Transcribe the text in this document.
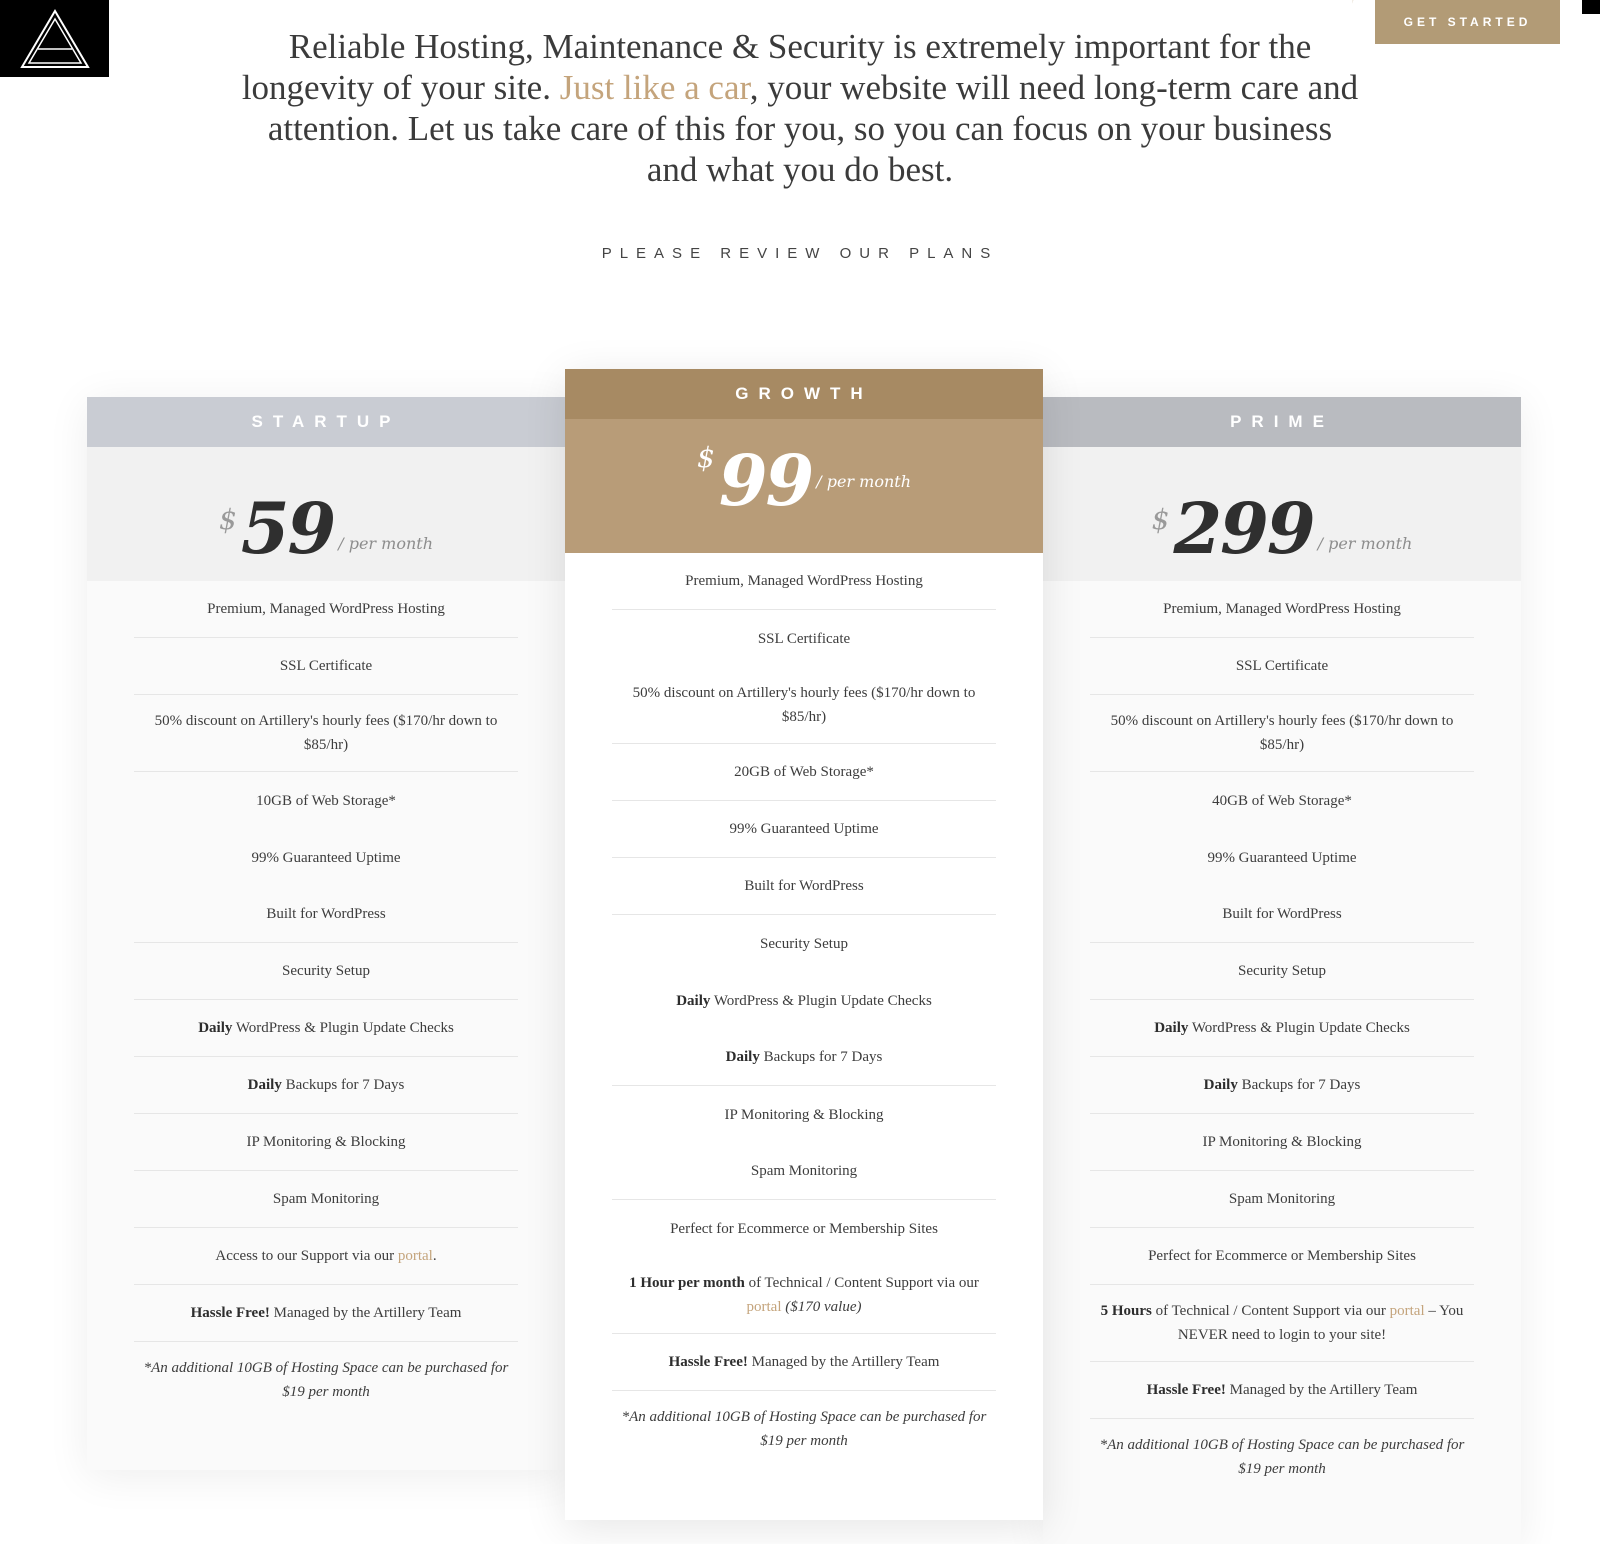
GET STARTED

Reliable Hosting, Maintenance & Security is extremely important for the longevity of your site. Just like a car, your website will need long-term care and attention. Let us take care of this for you, so you can focus on your business and what you do best.

PLEASE REVIEW OUR PLANS
STARTUP
$ 59 / per month
Premium, Managed WordPress Hosting
SSL Certificate
50% discount on Artillery's hourly fees ($170/hr down to $85/hr)
10GB of Web Storage*
99% Guaranteed Uptime
Built for WordPress
Security Setup
Daily WordPress & Plugin Update Checks
Daily Backups for 7 Days
IP Monitoring & Blocking
Spam Monitoring
Access to our Support via our portal.
Hassle Free! Managed by the Artillery Team
*An additional 10GB of Hosting Space can be purchased for $19 per month
GROWTH
$ 99 / per month
Premium, Managed WordPress Hosting
SSL Certificate
50% discount on Artillery's hourly fees ($170/hr down to $85/hr)
20GB of Web Storage*
99% Guaranteed Uptime
Built for WordPress
Security Setup
Daily WordPress & Plugin Update Checks
Daily Backups for 7 Days
IP Monitoring & Blocking
Spam Monitoring
Perfect for Ecommerce or Membership Sites
1 Hour per month of Technical / Content Support via our portal ($170 value)
Hassle Free! Managed by the Artillery Team
*An additional 10GB of Hosting Space can be purchased for $19 per month
PRIME
$ 299 / per month
Premium, Managed WordPress Hosting
SSL Certificate
50% discount on Artillery's hourly fees ($170/hr down to $85/hr)
40GB of Web Storage*
99% Guaranteed Uptime
Built for WordPress
Security Setup
Daily WordPress & Plugin Update Checks
Daily Backups for 7 Days
IP Monitoring & Blocking
Spam Monitoring
Perfect for Ecommerce or Membership Sites
5 Hours of Technical / Content Support via our portal – You NEVER need to login to your site!
Hassle Free! Managed by the Artillery Team
*An additional 10GB of Hosting Space can be purchased for $19 per month
